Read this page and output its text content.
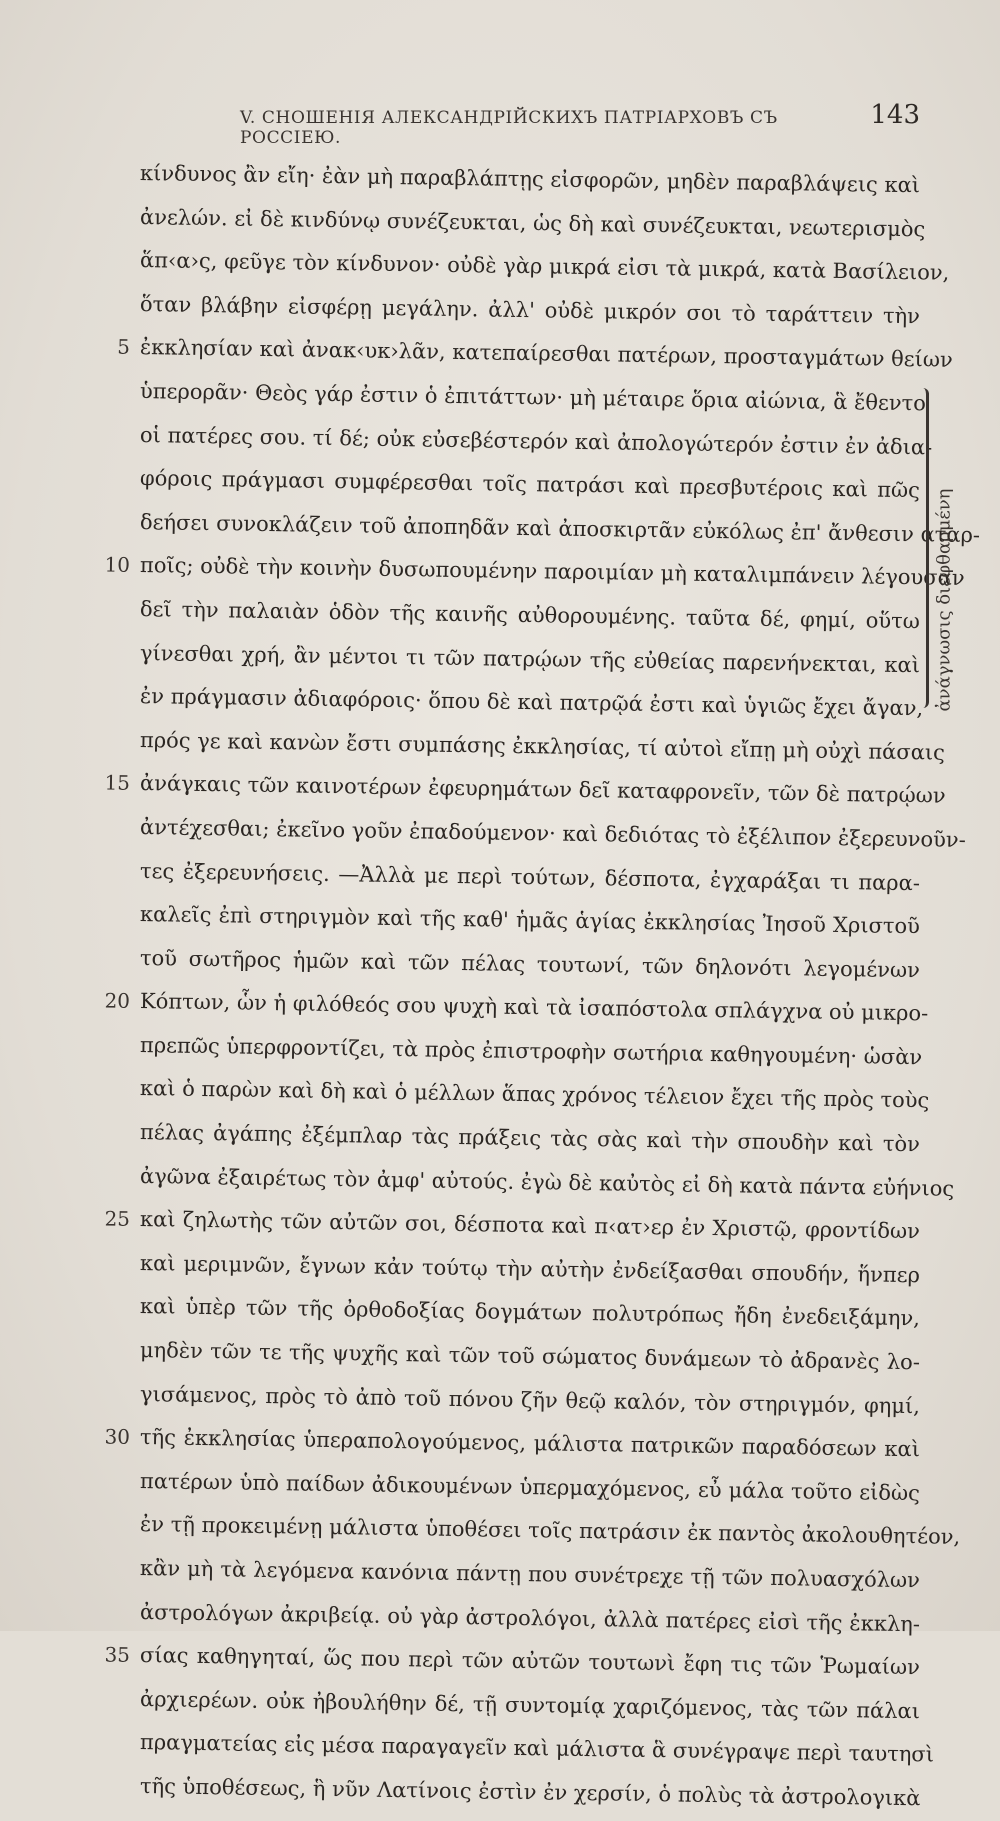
V. СНОШЕНІЯ АЛЕКСАНДРІЙСКИХЪ ПАТРІАРХОВЪ СЪ РОССІЕЮ.
143
κίνδυνος ἂν εἴη· ἐὰν μὴ παραβλάπτῃς εἰσφορῶν, μηδὲν παραβλάψεις καὶ
ἀνελών. εἰ δὲ κινδύνῳ συνέζευκται, ὡς δὴ καὶ συνέζευκται, νεωτερισμὸς
ἅπ‹α›ς, φεῦγε τὸν κίνδυνον· οὐδὲ γὰρ μικρά εἰσι τὰ μικρά, κατὰ Βασίλειον,
ὅταν βλάβην εἰσφέρῃ μεγάλην. ἀλλ' οὐδὲ μικρόν σοι τὸ ταράττειν τὴν
5 ἐκκλησίαν καὶ ἀνακ‹υκ›λᾶν, κατεπαίρεσθαι πατέρων, προσταγμάτων θείων
ὑπερορᾶν· Θεὸς γάρ ἐστιν ὁ ἐπιτάττων· μὴ μέταιρε ὅρια αἰώνια, ἃ ἔθεντο
οἱ πατέρες σου. τί δέ; οὐκ εὐσεβέστερόν καὶ ἀπολογώτερόν ἐστιν ἐν ἀδια-
φόροις πράγμασι συμφέρεσθαι τοῖς πατράσι καὶ πρεσβυτέροις καὶ πῶς
δεήσει συνοκλάζειν τοῦ ἀποπηδᾶν καὶ ἀποσκιρτᾶν εὐκόλως ἐπ' ἄνθεσιν ἀταρ-
10 ποῖς; οὐδὲ τὴν κοινὴν δυσωπουμένην παροιμίαν μὴ καταλιμπάνειν λέγουσαν
δεῖ τὴν παλαιὰν ὁδὸν τῆς καινῆς αὐθορουμένης. ταῦτα δέ, φημί, οὕτω
γίνεσθαι χρή, ἂν μέντοι τι τῶν πατρῴων τῆς εὐθείας παρενήνεκται, καὶ
ἐν πράγμασιν ἀδιαφόροις· ὅπου δὲ καὶ πατρῷά ἐστι καὶ ὑγιῶς ἔχει ἄγαν,
πρός γε καὶ κανὼν ἔστι συμπάσης ἐκκλησίας, τί αὐτοὶ εἴπῃ μὴ οὐχὶ πάσαις
15 ἀνάγκαις τῶν καινοτέρων ἐφευρημάτων δεῖ καταφρονεῖν, τῶν δὲ πατρῴων
ἀντέχεσθαι; ἐκεῖνο γοῦν ἐπαδούμενον· καὶ δεδιότας τὸ ἐξέλιπον ἐξερευνοῦν-
τες ἐξερευνήσεις. —Ἀλλὰ με περὶ τούτων, δέσποτα, ἐγχαράξαι τι παρα-
καλεῖς ἐπὶ στηριγμὸν καὶ τῆς καθ' ἡμᾶς ἁγίας ἐκκλησίας Ἰησοῦ Χριστοῦ
τοῦ σωτῆρος ἡμῶν καὶ τῶν πέλας τουτωνί, τῶν δηλονότι λεγομένων
20 Κόπτων, ὧν ἡ φιλόθεός σου ψυχὴ καὶ τὰ ἰσαπόστολα σπλάγχνα οὐ μικρο-
πρεπῶς ὑπερφροντίζει, τὰ πρὸς ἐπιστροφὴν σωτήρια καθηγουμένη· ὡσὰν
καὶ ὁ παρὼν καὶ δὴ καὶ ὁ μέλλων ἅπας χρόνος τέλειον ἔχει τῆς πρὸς τοὺς
πέλας ἀγάπης ἐξέμπλαρ τὰς πράξεις τὰς σὰς καὶ τὴν σπουδὴν καὶ τὸν
ἀγῶνα ἐξαιρέτως τὸν ἀμφ' αὐτούς. ἐγὼ δὲ καὐτὸς εἰ δὴ κατὰ πάντα εὐήνιος
25 καὶ ζηλωτὴς τῶν αὐτῶν σοι, δέσποτα καὶ π‹ατ›ερ ἐν Χριστῷ, φροντίδων
καὶ μεριμνῶν, ἔγνων κἀν τούτῳ τὴν αὐτὴν ἐνδείξασθαι σπουδήν, ἥνπερ
καὶ ὑπὲρ τῶν τῆς ὀρθοδοξίας δογμάτων πολυτρόπως ἤδη ἐνεδειξάμην,
μηδὲν τῶν τε τῆς ψυχῆς καὶ τῶν τοῦ σώματος δυνάμεων τὸ ἀδρανὲς λο-
γισάμενος, πρὸς τὸ ἀπὸ τοῦ πόνου ζῆν θεῷ καλόν, τὸν στηριγμόν, φημί,
30 τῆς ἐκκλησίας ὑπεραπολογούμενος, μάλιστα πατρικῶν παραδόσεων καὶ
πατέρων ὑπὸ παίδων ἀδικουμένων ὑπερμαχόμενος, εὖ μάλα τοῦτο εἰδὼς
ἐν τῇ προκειμένῃ μάλιστα ὑποθέσει τοῖς πατράσιν ἐκ παντὸς ἀκολουθητέον,
κἂν μὴ τὰ λεγόμενα κανόνια πάντῃ που συνέτρεχε τῇ τῶν πολυασχόλων
ἀστρολόγων ἀκριβείᾳ. οὐ γὰρ ἀστρολόγοι, ἀλλὰ πατέρες εἰσὶ τῆς ἐκκλη-
35 σίας καθηγηταί, ὥς που περὶ τῶν αὐτῶν τουτωνὶ ἔφη τις τῶν Ῥωμαίων
ἀρχιερέων. οὐκ ἠβουλήθην δέ, τῇ συντομίᾳ χαριζόμενος, τὰς τῶν πάλαι
πραγματείας εἰς μέσα παραγαγεῖν καὶ μάλιστα ἃ συνέγραψε περὶ ταυτησὶ
τῆς ὑποθέσεως, ἣ νῦν Λατίνοις ἐστὶν ἐν χερσίν, ὁ πολὺς τὰ ἀστρολογικὰ
ἀνάγνωσις διεφθαρμένη
